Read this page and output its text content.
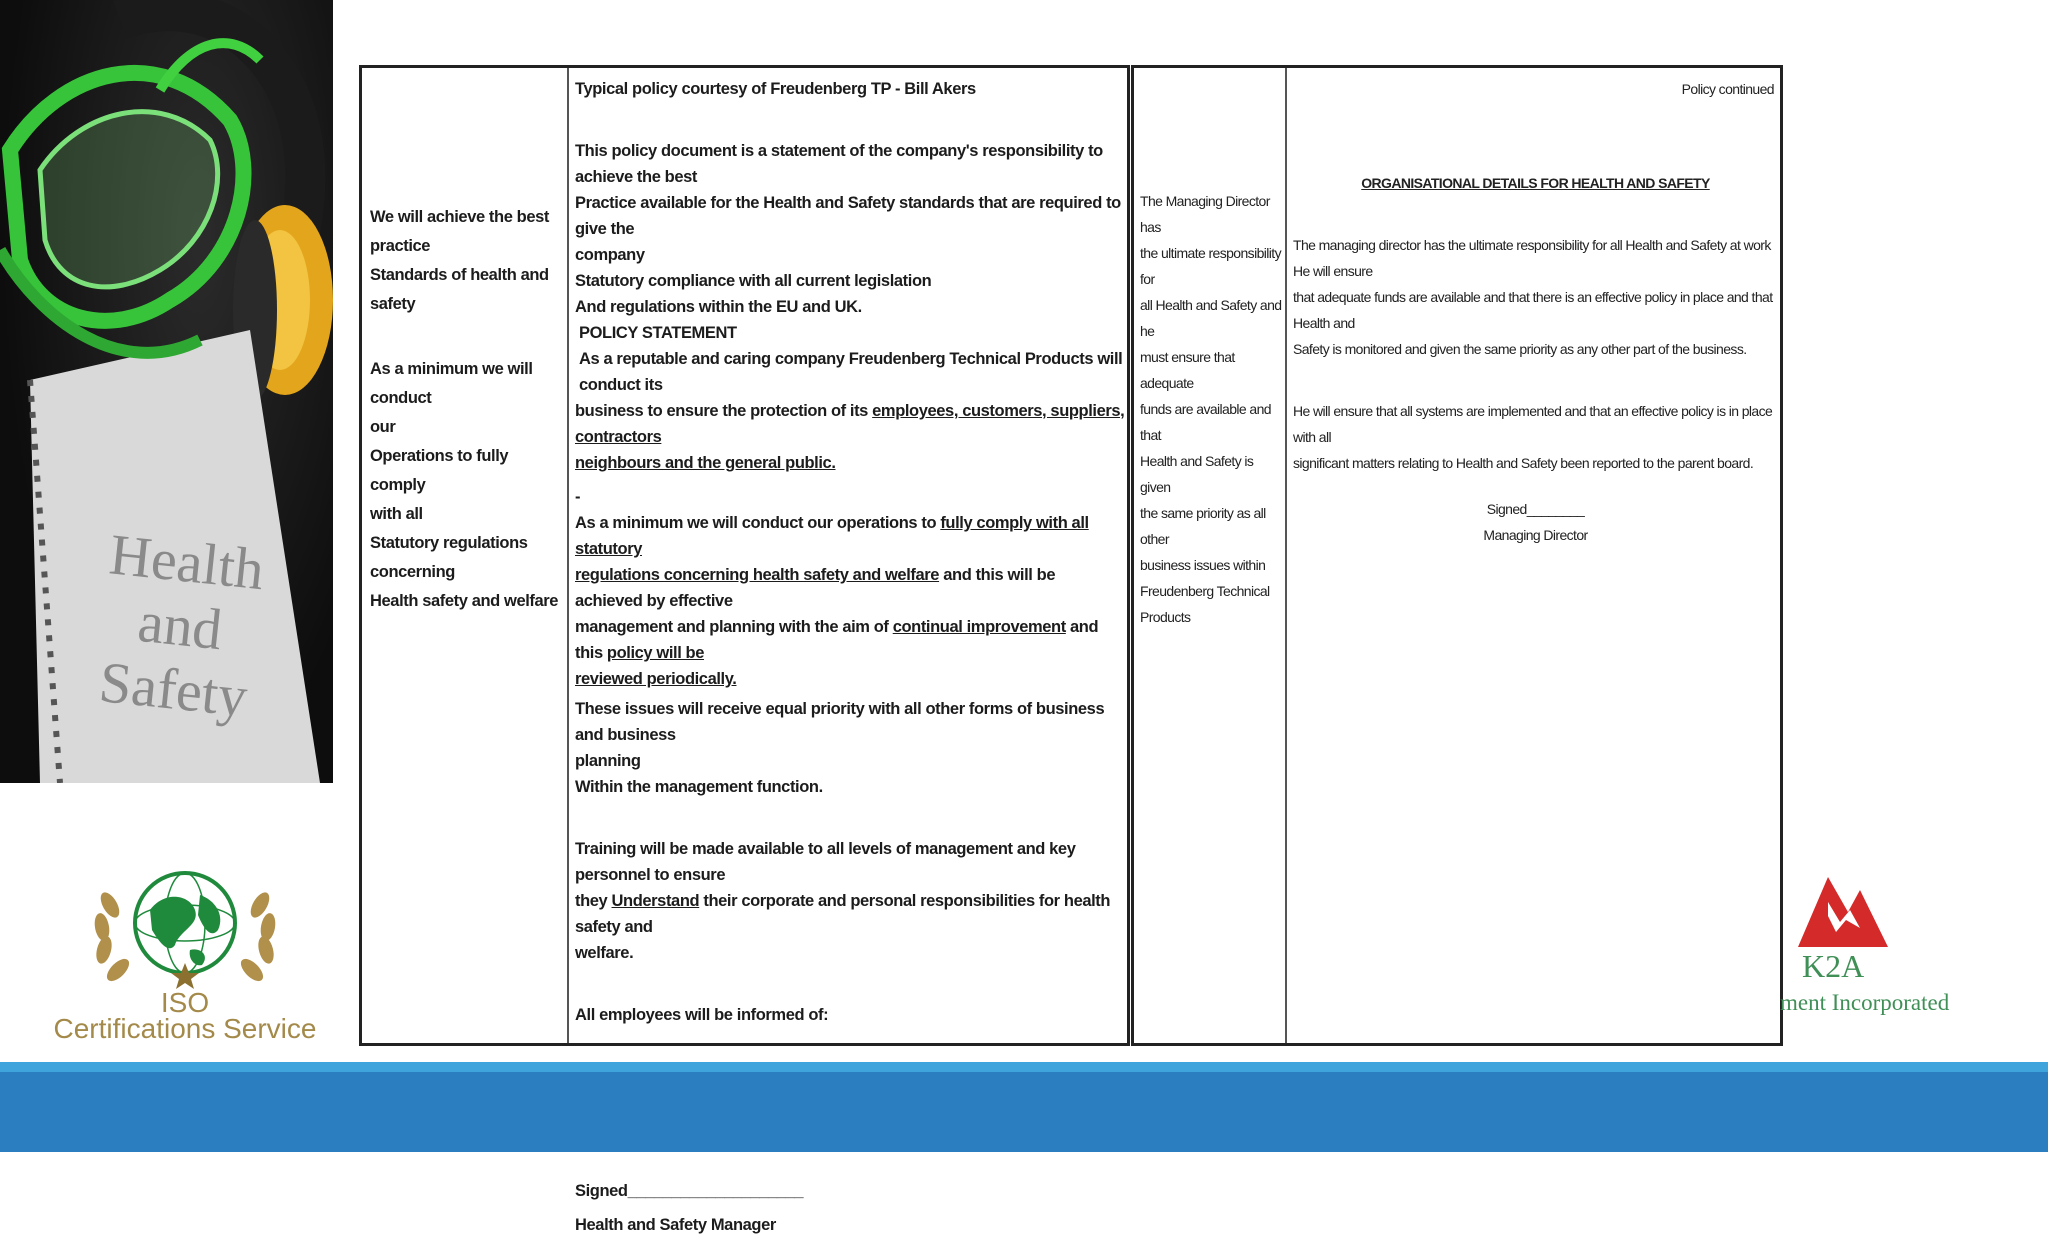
Health and
Safety
ISO
Certifications Service

We will achieve the best

practice

Standards of health and safety

As a minimum we will conduct

our

Operations to fully comply

with all

Statutory regulations

concerning

Health safety and welfare

Typical policy courtesy of Freudenberg TP - Bill Akers

This policy document is a statement of the company's responsibility to achieve the best

Practice available for the Health and Safety standards that are required to give the

company

Statutory compliance with all current legislation

And regulations within the EU and UK.

POLICY STATEMENT

As a reputable and caring company Freudenberg Technical Products will conduct its

business to ensure the protection of its employees, customers, suppliers, contractors

neighbours and the general public.

-

As a minimum we will conduct our operations to fully comply with all statutory

regulations concerning health safety and welfare and this will be achieved by effective

management and planning with the aim of continual improvement and this policy will be

reviewed periodically.

These issues will receive equal priority with all other forms of business and business

planning

Within the management function.

Training will be made available to all levels of management and key personnel to ensure

they Understand their corporate and personal responsibilities for health safety and

welfare.

All employees will be informed of:

Signed____________________

Health and Safety Manager

The Managing Director has

the ultimate responsibility for

all Health and Safety and he

must ensure that adequate

funds are available and that

Health and Safety is given

the same priority as all other

business issues within

Freudenberg Technical

Products

Policy continued
ORGANISATIONAL DETAILS FOR HEALTH AND SAFETY

The managing director has the ultimate responsibility for all Health and Safety at work He will ensure

that adequate funds are available and that there is an effective policy in place and that Health and

Safety is monitored and given the same priority as any other part of the business.

He will ensure that all systems are implemented and that an effective policy is in place with all

significant matters relating to Health and Safety been reported to the parent board.

Signed________

Managing Director

K2A
ment Incorporated
